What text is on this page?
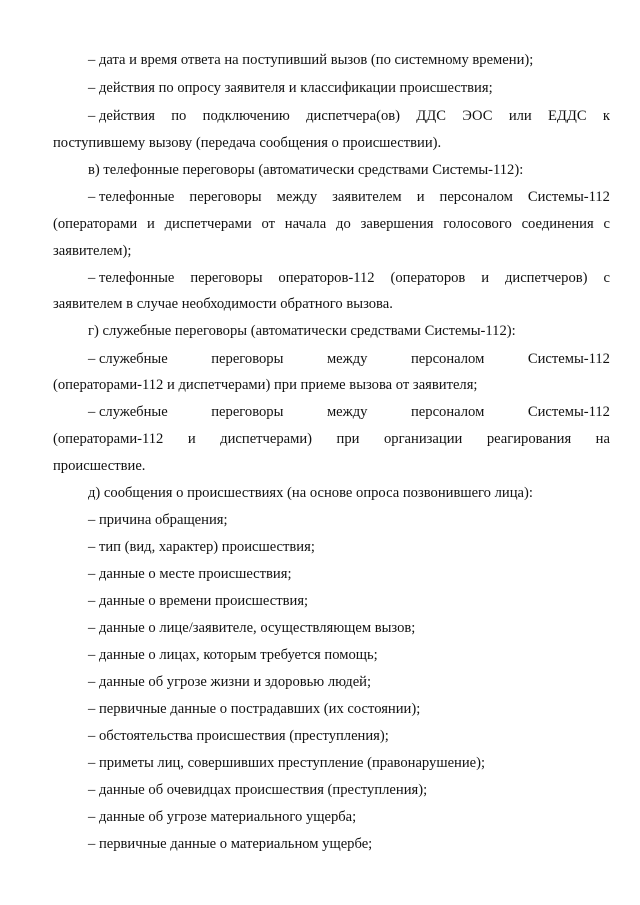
– дата и время ответа на поступивший вызов (по системному времени);
– действия по опросу заявителя и классификации происшествия;
– действия по подключению диспетчера(ов) ДДС ЭОС или ЕДДС к
поступившему вызову (передача сообщения о происшествии).
в) телефонные переговоры (автоматически средствами Системы-112):
– телефонные переговоры между заявителем и персоналом Системы-112
(операторами и диспетчерами от начала до завершения голосового соединения с
заявителем);
– телефонные переговоры операторов-112 (операторов и диспетчеров) с
заявителем в случае необходимости обратного вызова.
г) служебные переговоры (автоматически средствами Системы-112):
– служебные	переговоры	между	персоналом	Системы-112
(операторами-112 и диспетчерами) при приеме вызова от заявителя;
– служебные	переговоры	между	персоналом	Системы-112
(операторами-112 и диспетчерами) при организации реагирования на
происшествие.
д) сообщения о происшествиях (на основе опроса позвонившего лица):
– причина обращения;
– тип (вид, характер) происшествия;
– данные о месте происшествия;
– данные о времени происшествия;
– данные о лице/заявителе, осуществляющем вызов;
– данные о лицах, которым требуется помощь;
– данные об угрозе жизни и здоровью людей;
– первичные данные о пострадавших (их состоянии);
– обстоятельства происшествия (преступления);
– приметы лиц, совершивших преступление (правонарушение);
– данные об очевидцах происшествия (преступления);
– данные об угрозе материального ущерба;
– первичные данные о материальном ущербе;
